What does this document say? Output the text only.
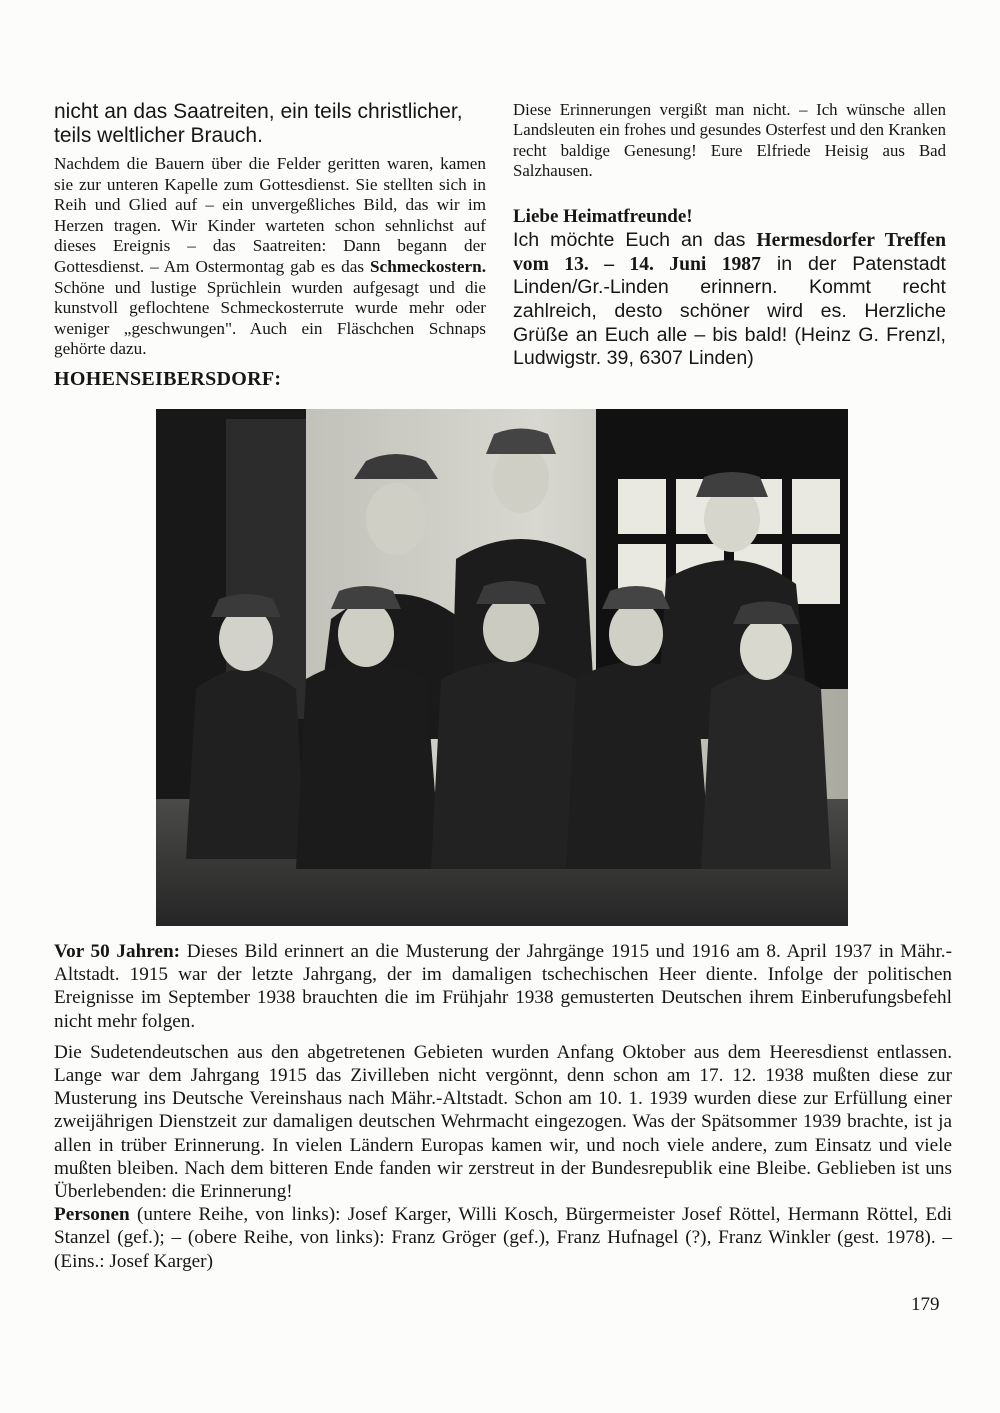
nicht an das Saatreiten, ein teils christlicher, teils weltlicher Brauch.

Nachdem die Bauern über die Felder geritten waren, kamen sie zur unteren Kapelle zum Gottesdienst. Sie stellten sich in Reih und Glied auf – ein unvergeßliches Bild, das wir im Herzen tragen. Wir Kinder warteten schon sehnlichst auf dieses Ereignis – das Saatreiten: Dann begann der Gottesdienst. – Am Ostermontag gab es das Schmeckostern. Schöne und lustige Sprüchlein wurden aufgesagt und die kunstvoll geflochtene Schmeckosterrute wurde mehr oder weniger „geschwungen". Auch ein Fläschchen Schnaps gehörte dazu.

Diese Erinnerungen vergißt man nicht. – Ich wünsche allen Landsleuten ein frohes und gesundes Osterfest und den Kranken recht baldige Genesung! Eure Elfriede Heisig aus Bad Salzhausen.

Liebe Heimatfreunde!

Ich möchte Euch an das Hermesdorfer Treffen vom 13. – 14. Juni 1987 in der Patenstadt Linden/Gr.-Linden erinnern. Kommt recht zahlreich, desto schöner wird es. Herzliche Grüße an Euch alle – bis bald! (Heinz G. Frenzl, Ludwigstr. 39, 6307 Linden)

HOHENSEIBERSDORF:

Vor 50 Jahren: Dieses Bild erinnert an die Musterung der Jahrgänge 1915 und 1916 am 8. April 1937 in Mähr.-Altstadt. 1915 war der letzte Jahrgang, der im damaligen tschechischen Heer diente. Infolge der politischen Ereignisse im September 1938 brauchten die im Frühjahr 1938 gemusterten Deutschen ihrem Einberufungsbefehl nicht mehr folgen.

Die Sudetendeutschen aus den abgetretenen Gebieten wurden Anfang Oktober aus dem Heeresdienst entlassen. Lange war dem Jahrgang 1915 das Zivilleben nicht vergönnt, denn schon am 17. 12. 1938 mußten diese zur Musterung ins Deutsche Vereinshaus nach Mähr.-Altstadt. Schon am 10. 1. 1939 wurden diese zur Erfüllung einer zweijährigen Dienstzeit zur damaligen deutschen Wehrmacht eingezogen. Was der Spätsommer 1939 brachte, ist ja allen in trüber Erinnerung. In vielen Ländern Europas kamen wir, und noch viele andere, zum Einsatz und viele mußten bleiben. Nach dem bitteren Ende fanden wir zerstreut in der Bundesrepublik eine Bleibe. Geblieben ist uns Überlebenden: die Erinnerung!

Personen (untere Reihe, von links): Josef Karger, Willi Kosch, Bürgermeister Josef Röttel, Hermann Röttel, Edi Stanzel (gef.); – (obere Reihe, von links): Franz Gröger (gef.), Franz Hufnagel (?), Franz Winkler (gest. 1978). – (Eins.: Josef Karger)

179
